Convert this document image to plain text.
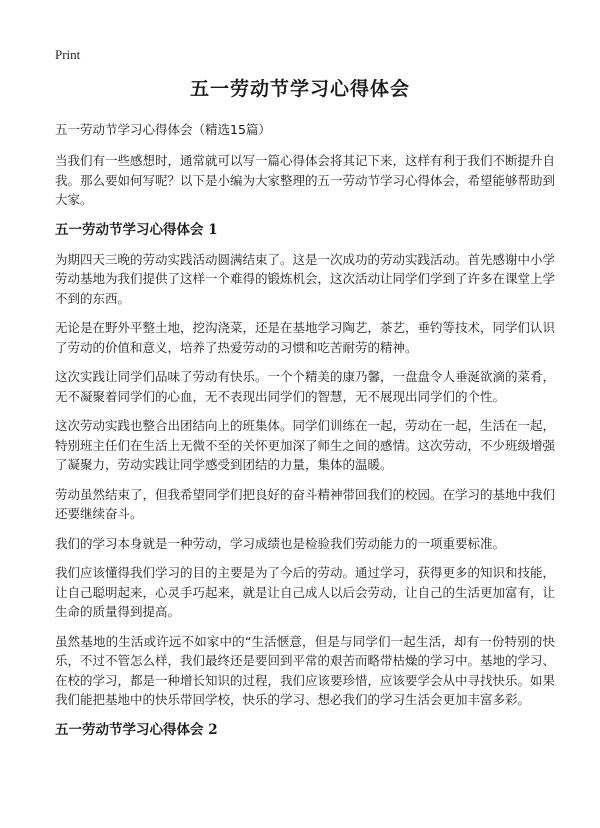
Print
五一劳动节学习心得体会
五一劳动节学习心得体会（精选15篇）

当我们有一些感想时，通常就可以写一篇心得体会将其记下来，这样有利于我们不断提升自我。那么要如何写呢？以下是小编为大家整理的五一劳动节学习心得体会，希望能够帮助到大家。

五一劳动节学习心得体会 1

为期四天三晚的劳动实践活动圆满结束了。这是一次成功的劳动实践活动。首先感谢中小学劳动基地为我们提供了这样一个难得的锻炼机会，这次活动让同学们学到了许多在课堂上学不到的东西。

无论是在野外平整土地，挖沟浇菜，还是在基地学习陶艺，茶艺，垂钓等技术，同学们认识了劳动的价值和意义，培养了热爱劳动的习惯和吃苦耐劳的精神。

这次实践让同学们品味了劳动有快乐。一个个精美的康乃馨，一盘盘令人垂涎欲滴的菜肴，无不凝聚着同学们的心血，无不表现出同学们的智慧，无不展现出同学们的个性。

这次劳动实践也整合出团结向上的班集体。同学们训练在一起，劳动在一起，生活在一起，特别班主任们在生活上无微不至的关怀更加深了师生之间的感情。这次劳动，不少班级增强了凝聚力，劳动实践让同学感受到团结的力量，集体的温暖。

劳动虽然结束了，但我希望同学们把良好的奋斗精神带回我们的校园。在学习的基地中我们还要继续奋斗。

我们的学习本身就是一种劳动，学习成绩也是检验我们劳动能力的一项重要标准。

我们应该懂得我们学习的目的主要是为了今后的劳动。通过学习，获得更多的知识和技能，让自己聪明起来，心灵手巧起来，就是让自己成人以后会劳动，让自己的生活更加富有，让生命的质量得到提高。

虽然基地的生活或许远不如家中的“生活惬意，但是与同学们一起生活，却有一份特别的快乐，不过不管怎么样，我们最终还是要回到平常的艰苦而略带枯燥的学习中。基地的学习、在校的学习，都是一种增长知识的过程，我们应该要珍惜，应该要学会从中寻找快乐。如果我们能把基地中的快乐带回学校，快乐的学习、想必我们的学习生活会更加丰富多彩。

五一劳动节学习心得体会 2
